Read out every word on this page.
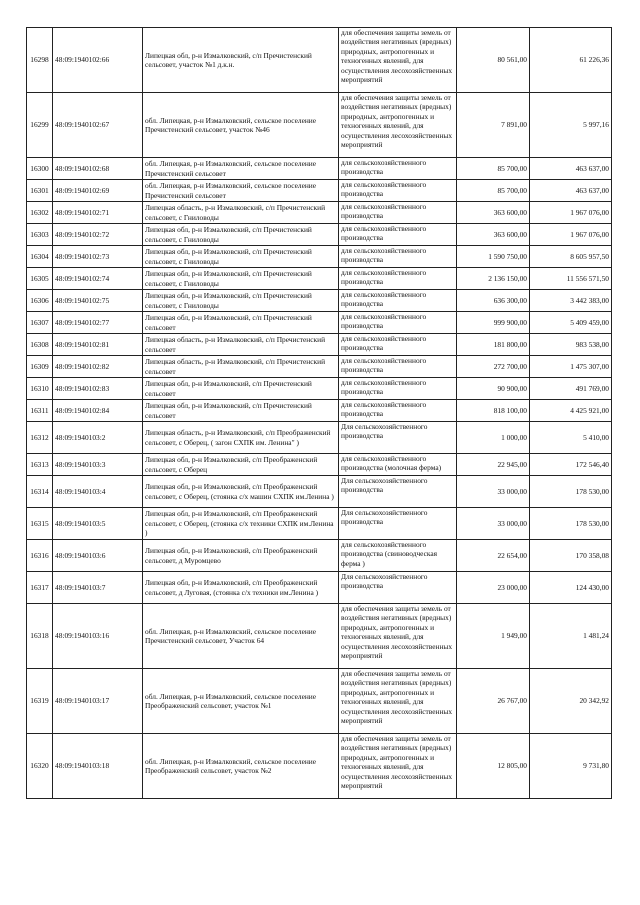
16298	48:09:1940102:66	Липецкая обл, р-н Измалковский, с/п Пречистенский сельсовет, участок №1 д.к.н.	для обеспечения защиты земель от воздействия негативных (вредных) природных, антропогенных и техногенных явлений, для осуществления лесохозяйственных мероприятий	80 561,00	61 226,36
16299	48:09:1940102:67	обл. Липецкая, р-н Измалковский, сельское поселение Пречистенский сельсовет, участок №46	для обеспечения защиты земель от воздействия негативных (вредных) природных, антропогенных и техногенных явлений, для осуществления лесохозяйственных мероприятий	7 891,00	5 997,16
16300	48:09:1940102:68	обл. Липецкая, р-н Измалковский, сельское поселение Пречистенский сельсовет	для сельскохозяйственного производства	85 700,00	463 637,00
16301	48:09:1940102:69	обл. Липецкая, р-н Измалковский, сельское поселение Пречистенский сельсовет	для сельскохозяйственного производства	85 700,00	463 637,00
16302	48:09:1940102:71	Липецкая область, р-н Измалковский, с/п Пречистенский сельсовет, с Гниловоды	для сельскохозяйственного производства	363 600,00	1 967 076,00
16303	48:09:1940102:72	Липецкая обл, р-н Измалковский, с/п Пречистенский сельсовет, с Гниловоды	для сельскохозяйственного производства	363 600,00	1 967 076,00
16304	48:09:1940102:73	Липецкая обл, р-н Измалковский, с/п Пречистенский сельсовет, с Гниловоды	для сельскохозяйственного производства	1 590 750,00	8 605 957,50
16305	48:09:1940102:74	Липецкая обл, р-н Измалковский, с/п Пречистенский сельсовет, с Гниловоды	для сельскохозяйственного производства	2 136 150,00	11 556 571,50
16306	48:09:1940102:75	Липецкая обл, р-н Измалковский, с/п Пречистенский сельсовет, с Гниловоды	для сельскохозяйственного производства	636 300,00	3 442 383,00
16307	48:09:1940102:77	Липецкая обл, р-н Измалковский, с/п Пречистенский сельсовет	для сельскохозяйственного производства	999 900,00	5 409 459,00
16308	48:09:1940102:81	Липецкая область, р-н Измалковский, с/п Пречистенский сельсовет	для сельскохозяйственного производства	181 800,00	983 538,00
16309	48:09:1940102:82	Липецкая область, р-н Измалковский, с/п Пречистенский сельсовет	для сельскохозяйственного производства	272 700,00	1 475 307,00
16310	48:09:1940102:83	Липецкая обл, р-н Измалковский, с/п Пречистенский сельсовет	для сельскохозяйственного производства	90 900,00	491 769,00
16311	48:09:1940102:84	Липецкая обл, р-н Измалковский, с/п Пречистенский сельсовет	для сельскохозяйственного производства	818 100,00	4 425 921,00
16312	48:09:1940103:2	Липецкая область, р-н Измалковский, с/п Преображенский сельсовет, с Оберец, ( загон СХПК им. Ленина" )	Для сельскохозяйственного производства	1 000,00	5 410,00
16313	48:09:1940103:3	Липецкая обл, р-н Измалковский, с/п Преображенский сельсовет, с Оберец	для сельскохозяйственного производства (молочная ферма)	22 945,00	172 546,40
16314	48:09:1940103:4	Липецкая обл, р-н Измалковский, с/п Преображенский сельсовет, с Оберец, (стоянка с/х машин СХПК им.Ленина )	Для сельскохозяйственного производства	33 000,00	178 530,00
16315	48:09:1940103:5	Липецкая обл, р-н Измалковский, с/п Преображенский сельсовет, с Оберец, (стоянка с/х техники СХПК им.Ленина )	Для сельскохозяйственного производства	33 000,00	178 530,00
16316	48:09:1940103:6	Липецкая обл, р-н Измалковский, с/п Преображенский сельсовет, д Муромцево	для сельскохозяйственного производства (свиноводческая ферма )	22 654,00	170 358,08
16317	48:09:1940103:7	Липецкая обл, р-н Измалковский, с/п Преображенский сельсовет, д Луговая, (стоянка с/х техники им.Ленина )	Для сельскохозяйственного производства	23 000,00	124 430,00
16318	48:09:1940103:16	обл. Липецкая, р-н Измалковский, сельское поселение Пречистенский сельсовет, Участок 64	для обеспечения защиты земель от воздействия негативных (вредных) природных, антропогенных и техногенных явлений, для осуществления лесохозяйственных мероприятий	1 949,00	1 481,24
16319	48:09:1940103:17	обл. Липецкая, р-н Измалковский, сельское поселение Преображенский сельсовет, участок №1	для обеспечения защиты земель от воздействия негативных (вредных) природных, антропогенных и техногенных явлений, для осуществления лесохозяйственных мероприятий	26 767,00	20 342,92
16320	48:09:1940103:18	обл. Липецкая, р-н Измалковский, сельское поселение Преображенский сельсовет, участок №2	для обеспечения защиты земель от воздействия негативных (вредных) природных, антропогенных и техногенных явлений, для осуществления лесохозяйственных мероприятий	12 805,00	9 731,80
